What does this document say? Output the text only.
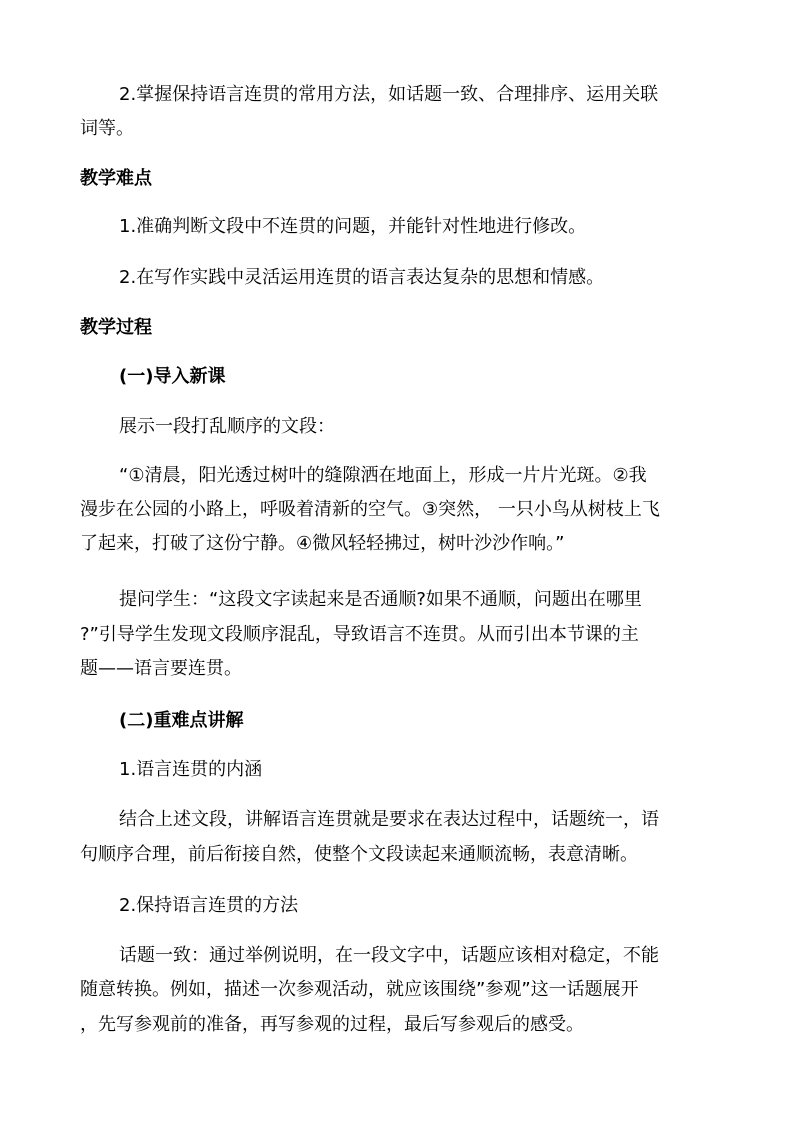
2.掌握保持语言连贯的常用方法，如话题一致、合理排序、运用关联
词等。
教学难点
1.准确判断文段中不连贯的问题，并能针对性地进行修改。
2.在写作实践中灵活运用连贯的语言表达复杂的思想和情感。
教学过程
(一)导入新课
展示一段打乱顺序的文段：
“①清晨，阳光透过树叶的缝隙洒在地面上，形成一片片光斑。②我
漫步在公园的小路上，呼吸着清新的空气。③突然， 一只小鸟从树枝上飞
了起来，打破了这份宁静。④微风轻轻拂过，树叶沙沙作响。”
提问学生：“这段文字读起来是否通顺?如果不通顺，问题出在哪里
?”引导学生发现文段顺序混乱，导致语言不连贯。从而引出本节课的主
题——语言要连贯。
(二)重难点讲解
1.语言连贯的内涵
结合上述文段，讲解语言连贯就是要求在表达过程中，话题统一，语
句顺序合理，前后衔接自然，使整个文段读起来通顺流畅，表意清晰。
2.保持语言连贯的方法
话题一致：通过举例说明，在一段文字中，话题应该相对稳定，不能
随意转换。例如，描述一次参观活动，就应该围绕”参观”这一话题展开
，先写参观前的准备，再写参观的过程，最后写参观后的感受。
